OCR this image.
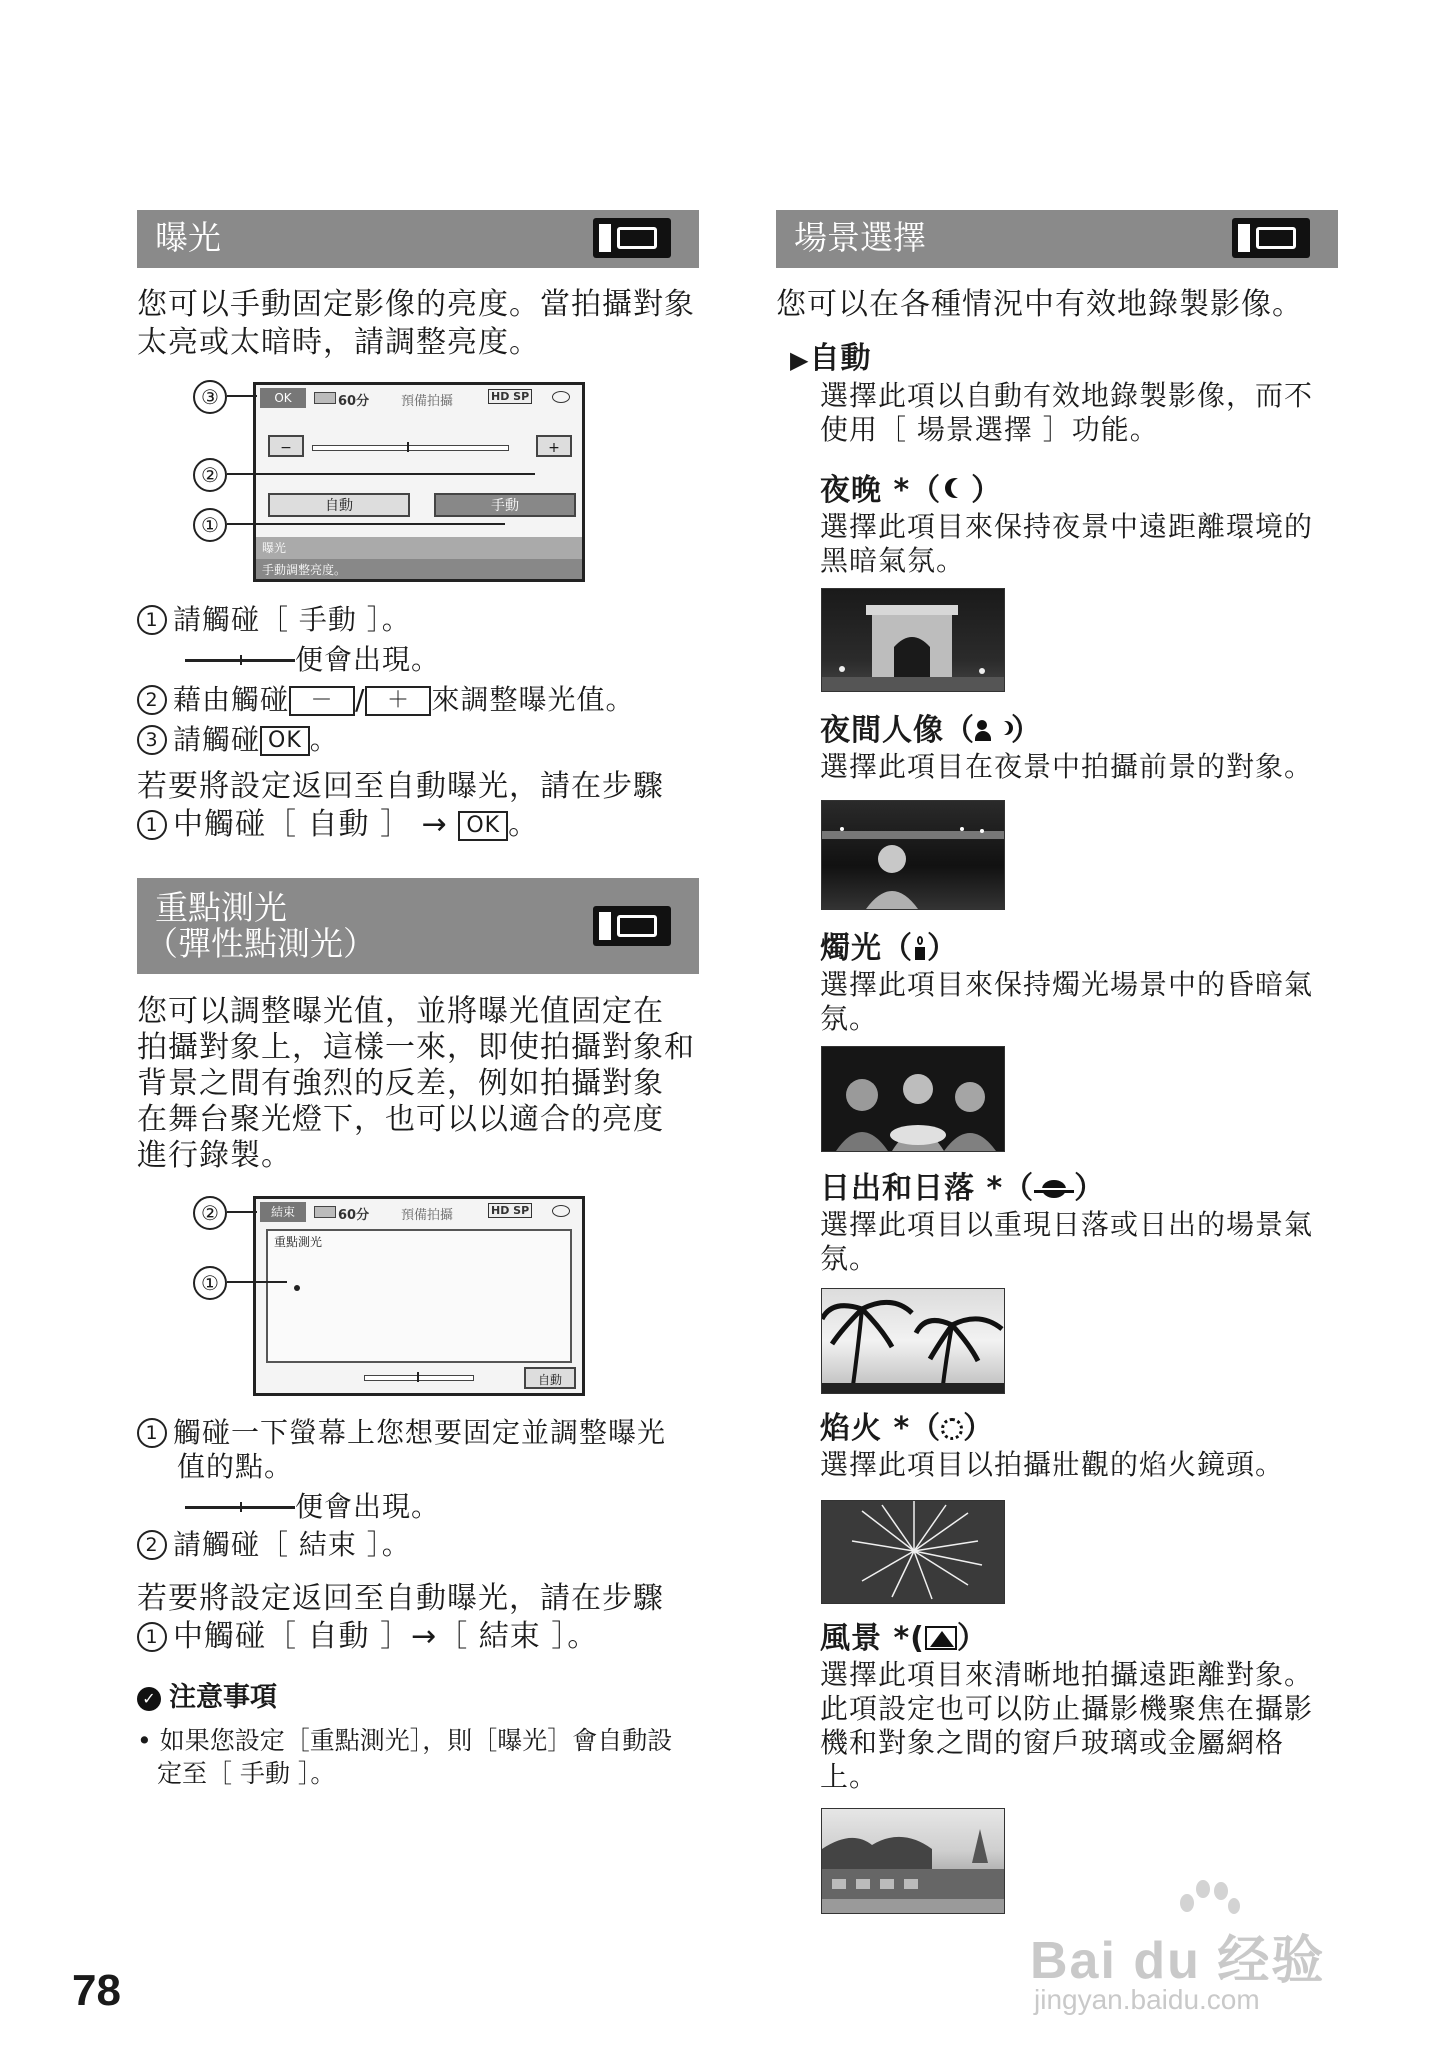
曝光
您可以手動固定影像的亮度。當拍攝對象太亮或太暗時，請調整亮度。
OK	60分 預備拍攝	HD SP
−	+
自動	手動
曝光
手動調整亮度。
③
②
①
1 請觸碰［ 手動 ］。
便會出現。
2 藉由觸碰 － / ＋ 來調整曝光值。
3 請觸碰 OK 。
若要將設定返回至自動曝光，請在步驟
1 中觸碰［ 自動 ］ → OK 。
重點測光
（彈性點測光）
您可以調整曝光值，並將曝光值固定在
拍攝對象上，這樣一來，即使拍攝對象和
背景之間有強烈的反差，例如拍攝對象
在舞台聚光燈下，也可以以適合的亮度
進行錄製。
結束	60分 預備拍攝	HD SP
重點測光
自動
②
①
1 觸碰一下螢幕上您想要固定並調整曝光
值的點。
便會出現。
2 請觸碰［ 結束 ］。
若要將設定返回至自動曝光，請在步驟
1 中觸碰［ 自動 ］→［ 結束 ］。
✓ 注意事項
• 如果您設定［重點測光］，則［曝光］會自動設
定至［ 手動 ］。
場景選擇
您可以在各種情況中有效地錄製影像。
▶自動
選擇此項以自動有效地錄製影像，而不
使用［ 場景選擇 ］功能。
夜晚 *（ ）
選擇此項目來保持夜景中遠距離環境的
黑暗氣氛。
夜間人像（ ）
選擇此項目在夜景中拍攝前景的對象。
燭光（ ）
選擇此項目來保持燭光場景中的昏暗氣
氛。
日出和日落 *（ ）
選擇此項目以重現日落或日出的場景氣
氛。
焰火 *（ ）
選擇此項目以拍攝壯觀的焰火鏡頭。
風景 *( ）
選擇此項目來清晰地拍攝遠距離對象。
此項設定也可以防止攝影機聚焦在攝影
機和對象之間的窗戶玻璃或金屬網格
上。
78
Bai du 经验
jingyan.baidu.com
